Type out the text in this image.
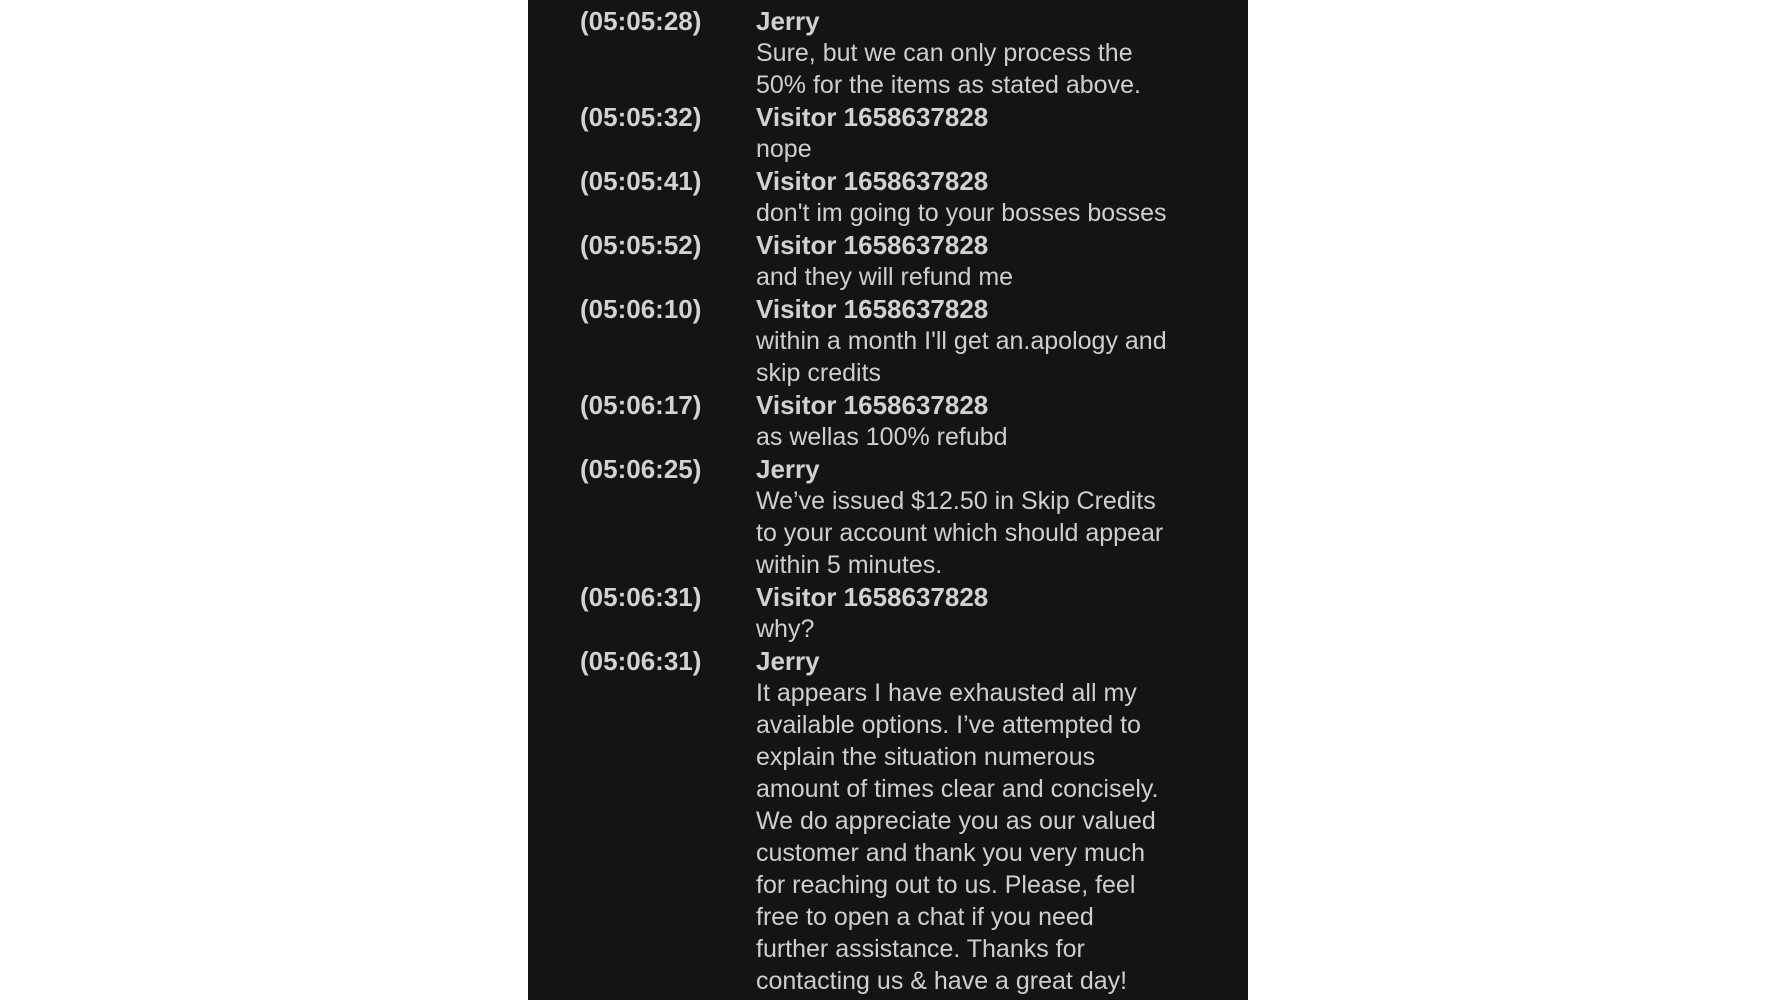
(05:05:28)	Jerry
Sure, but we can only process the
50% for the items as stated above.
(05:05:32)	Visitor 1658637828
nope
(05:05:41)	Visitor 1658637828
don't im going to your bosses bosses
(05:05:52)	Visitor 1658637828
and they will refund me
(05:06:10)	Visitor 1658637828
within a month I'll get an.apology and
skip credits
(05:06:17)	Visitor 1658637828
as wellas 100% refubd
(05:06:25)	Jerry
We’ve issued $12.50 in Skip Credits
to your account which should appear
within 5 minutes.
(05:06:31)	Visitor 1658637828
why?
(05:06:31)	Jerry
It appears I have exhausted all my
available options. I’ve attempted to
explain the situation numerous
amount of times clear and concisely.
We do appreciate you as our valued
customer and thank you very much
for reaching out to us. Please, feel
free to open a chat if you need
further assistance. Thanks for
contacting us & have a great day!
